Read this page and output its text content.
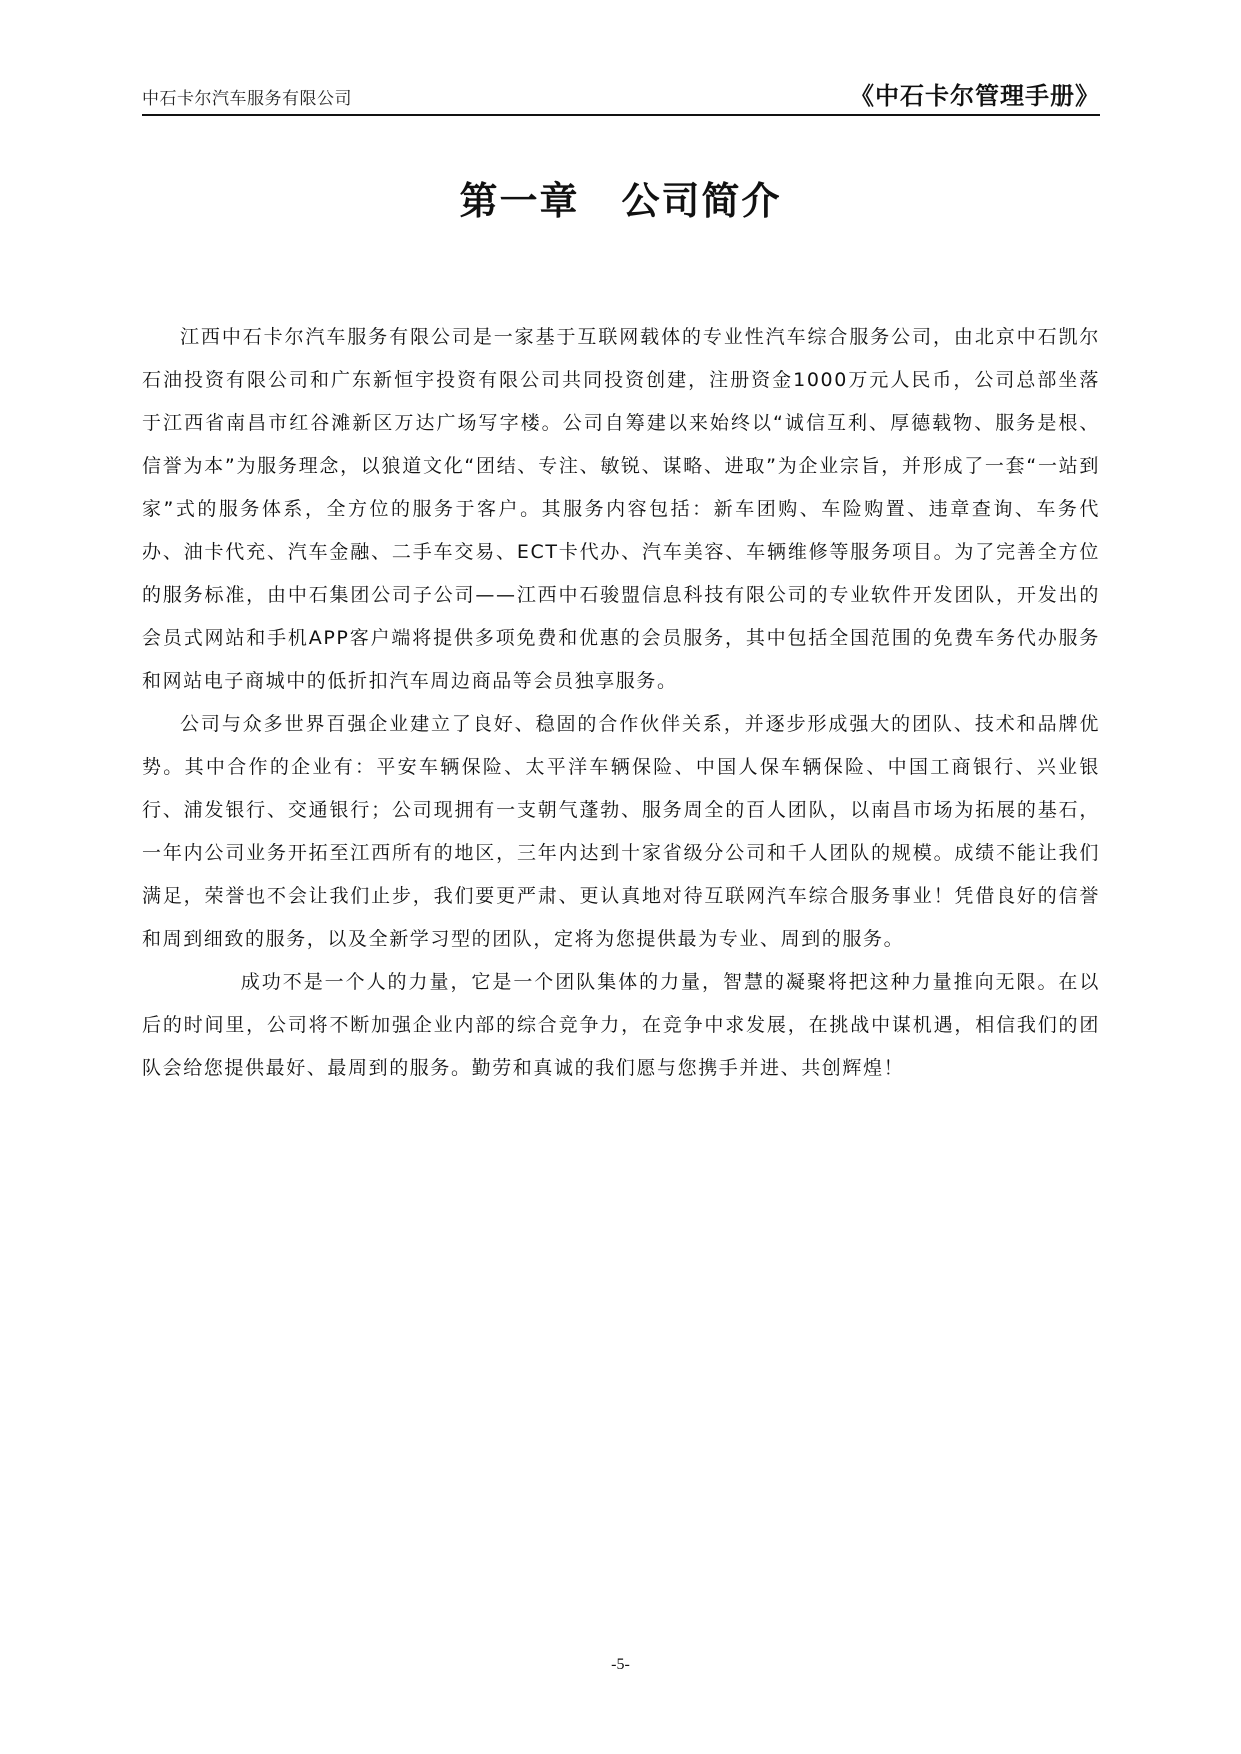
中石卡尔汽车服务有限公司	《中石卡尔管理手册》
第一章 公司简介

江西中石卡尔汽车服务有限公司是一家基于互联网载体的专业性汽车综合服务公司，由北京中石凯尔石油投资有限公司和广东新恒宇投资有限公司共同投资创建，注册资金1000万元人民币，公司总部坐落于江西省南昌市红谷滩新区万达广场写字楼。公司自筹建以来始终以“诚信互利、厚德载物、服务是根、信誉为本”为服务理念，以狼道文化“团结、专注、敏锐、谋略、进取”为企业宗旨，并形成了一套“一站到家”式的服务体系，全方位的服务于客户。其服务内容包括：新车团购、车险购置、违章查询、车务代办、油卡代充、汽车金融、二手车交易、ECT卡代办、汽车美容、车辆维修等服务项目。为了完善全方位的服务标准，由中石集团公司子公司——江西中石骏盟信息科技有限公司的专业软件开发团队，开发出的会员式网站和手机APP客户端将提供多项免费和优惠的会员服务，其中包括全国范围的免费车务代办服务和网站电子商城中的低折扣汽车周边商品等会员独享服务。

公司与众多世界百强企业建立了良好、稳固的合作伙伴关系，并逐步形成强大的团队、技术和品牌优势。其中合作的企业有：平安车辆保险、太平洋车辆保险、中国人保车辆保险、中国工商银行、兴业银行、浦发银行、交通银行；公司现拥有一支朝气蓬勃、服务周全的百人团队，以南昌市场为拓展的基石，一年内公司业务开拓至江西所有的地区，三年内达到十家省级分公司和千人团队的规模。成绩不能让我们满足，荣誉也不会让我们止步，我们要更严肃、更认真地对待互联网汽车综合服务事业！凭借良好的信誉和周到细致的服务，以及全新学习型的团队，定将为您提供最为专业、周到的服务。

成功不是一个人的力量，它是一个团队集体的力量，智慧的凝聚将把这种力量推向无限。在以后的时间里，公司将不断加强企业内部的综合竞争力，在竞争中求发展，在挑战中谋机遇，相信我们的团队会给您提供最好、最周到的服务。勤劳和真诚的我们愿与您携手并进、共创辉煌！

-5-
